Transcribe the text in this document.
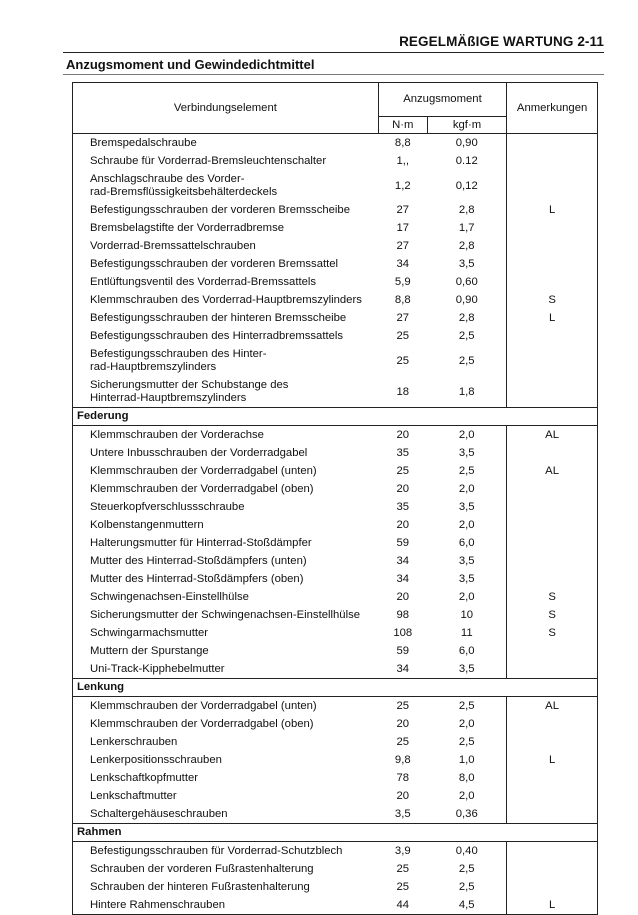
REGELMÄßIGE WARTUNG 2-11
Anzugsmoment und Gewindedichtmittel
Verbindungselement	Anzugsmoment		Anmerkungen
	N·m	kgf·m	
Bremspedalschraube	8,8	0,90	
Schraube für Vorderrad-Bremsleuchtenschalter	1,,	0.12	
Anschlagschraube des Vorder-
rad-Bremsflüssigkeitsbehälterdeckels	1,2	0,12	
Befestigungsschrauben der vorderen Bremsscheibe	27	2,8	L
Bremsbelagstifte der Vorderradbremse	17	1,7	
Vorderrad-Bremssattelschrauben	27	2,8	
Befestigungsschrauben der vorderen Bremssattel	34	3,5	
Entlüftungsventil des Vorderrad-Bremssattels	5,9	0,60	
Klemmschrauben des Vorderrad-Hauptbremszylinders	8,8	0,90	S
Befestigungsschrauben der hinteren Bremsscheibe	27	2,8	L
Befestigungsschrauben des Hinterradbremssattels	25	2,5	
Befestigungsschrauben des Hinter-
rad-Hauptbremszylinders	25	2,5	
Sicherungsmutter der Schubstange des
Hinterrad-Hauptbremszylinders	18	1,8	
Federung			
Klemmschrauben der Vorderachse	20	2,0	AL
Untere Inbusschrauben der Vorderradgabel	35	3,5	
Klemmschrauben der Vorderradgabel (unten)	25	2,5	AL
Klemmschrauben der Vorderradgabel (oben)	20	2,0	
Steuerkopfverschlussschraube	35	3,5	
Kolbenstangenmuttern	20	2,0	
Halterungsmutter für Hinterrad-Stoßdämpfer	59	6,0	
Mutter des Hinterrad-Stoßdämpfers (unten)	34	3,5	
Mutter des Hinterrad-Stoßdämpfers (oben)	34	3,5	
Schwingenachsen-Einstellhülse	20	2,0	S
Sicherungsmutter der Schwingenachsen-Einstellhülse	98	10	S
Schwingarmachsmutter	108	11	S
Muttern der Spurstange	59	6,0	
Uni-Track-Kipphebelmutter	34	3,5	
Lenkung			
Klemmschrauben der Vorderradgabel (unten)	25	2,5	AL
Klemmschrauben der Vorderradgabel (oben)	20	2,0	
Lenkerschrauben	25	2,5	
Lenkerpositionsschrauben	9,8	1,0	L
Lenkschaftkopfmutter	78	8,0	
Lenkschaftmutter	20	2,0	
Schaltergehäuseschrauben	3,5	0,36	
Rahmen			
Befestigungsschrauben für Vorderrad-Schutzblech	3,9	0,40	
Schrauben der vorderen Fußrastenhalterung	25	2,5	
Schrauben der hinteren Fußrastenhalterung	25	2,5	
Hintere Rahmenschrauben	44	4,5	L
